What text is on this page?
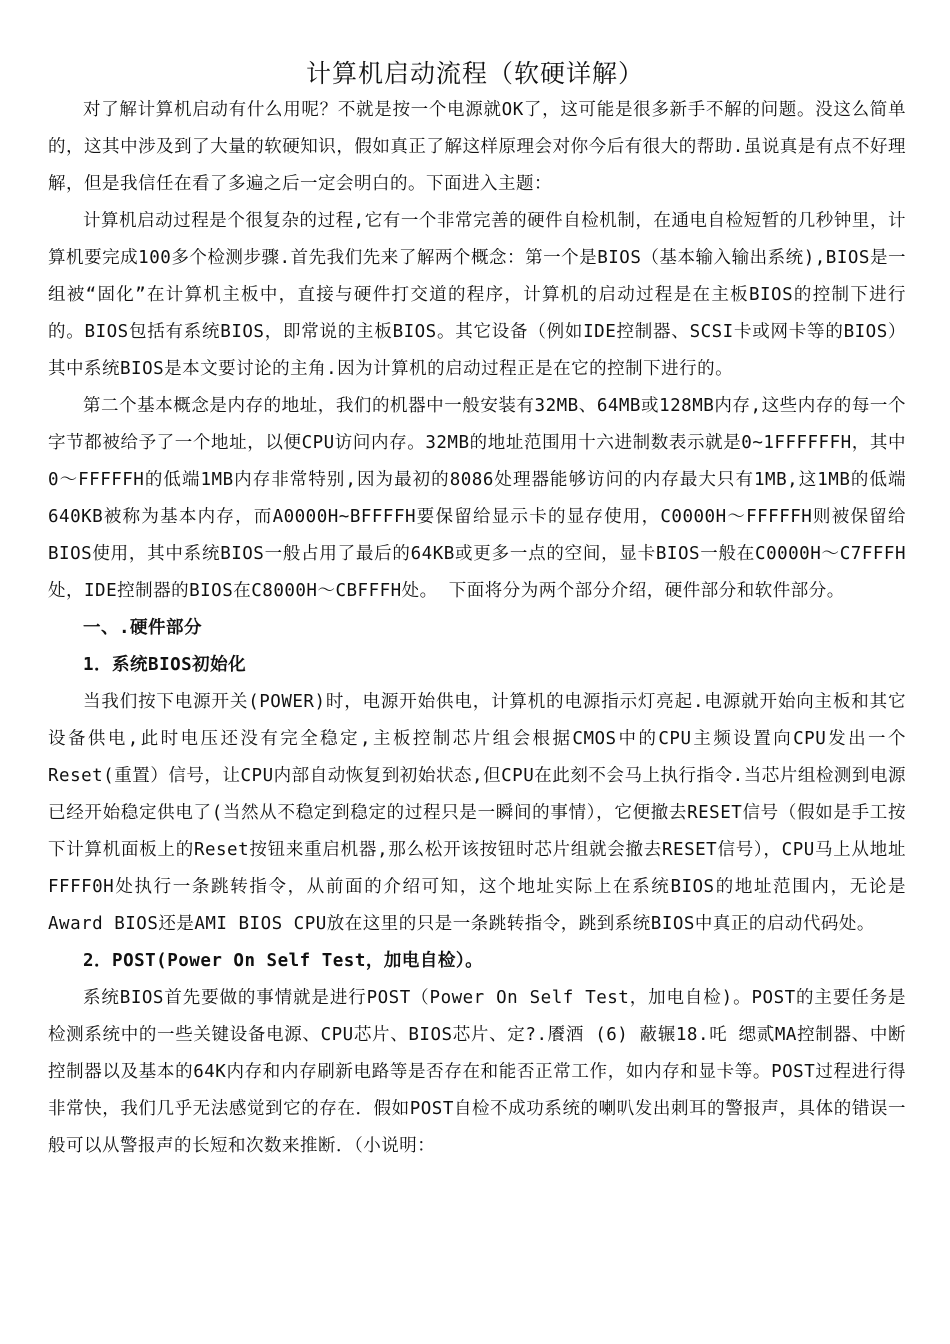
计算机启动流程（软硬详解）

对了解计算机启动有什么用呢？不就是按一个电源就OK了，这可能是很多新手不解的问题。没这么简单的，这其中涉及到了大量的软硬知识，假如真正了解这样原理会对你今后有很大的帮助.虽说真是有点不好理解，但是我信任在看了多遍之后一定会明白的。下面进入主题：

计算机启动过程是个很复杂的过程,它有一个非常完善的硬件自检机制，在通电自检短暂的几秒钟里，计算机要完成100多个检测步骤.首先我们先来了解两个概念：第一个是BIOS（基本输入输出系统),BIOS是一组被“固化”在计算机主板中，直接与硬件打交道的程序，计算机的启动过程是在主板BIOS的控制下进行的。BIOS包括有系统BIOS，即常说的主板BIOS。其它设备（例如IDE控制器、SCSI卡或网卡等的BIOS）其中系统BIOS是本文要讨论的主角.因为计算机的启动过程正是在它的控制下进行的。

第二个基本概念是内存的地址，我们的机器中一般安装有32MB、64MB或128MB内存,这些内存的每一个字节都被给予了一个地址，以便CPU访问内存。32MB的地址范围用十六进制数表示就是0~1FFFFFFH，其中0～FFFFFH的低端1MB内存非常特别,因为最初的8086处理器能够访问的内存最大只有1MB,这1MB的低端640KB被称为基本内存，而A0000H~BFFFFH要保留给显示卡的显存使用，C0000H～FFFFFH则被保留给BIOS使用，其中系统BIOS一般占用了最后的64KB或更多一点的空间，显卡BIOS一般在C0000H～C7FFFH处，IDE控制器的BIOS在C8000H～CBFFFH处。 下面将分为两个部分介绍，硬件部分和软件部分。

一、.硬件部分

1．系统BIOS初始化

当我们按下电源开关(POWER)时，电源开始供电，计算机的电源指示灯亮起.电源就开始向主板和其它设备供电,此时电压还没有完全稳定,主板控制芯片组会根据CMOS中的CPU主频设置向CPU发出一个Reset(重置）信号，让CPU内部自动恢复到初始状态,但CPU在此刻不会马上执行指令.当芯片组检测到电源已经开始稳定供电了(当然从不稳定到稳定的过程只是一瞬间的事情），它便撤去RESET信号（假如是手工按下计算机面板上的Reset按钮来重启机器,那么松开该按钮时芯片组就会撤去RESET信号），CPU马上从地址FFFF0H处执行一条跳转指令，从前面的介绍可知，这个地址实际上在系统BIOS的地址范围内，无论是Award BIOS还是AMI BIOS CPU放在这里的只是一条跳转指令，跳到系统BIOS中真正的启动代码处。

2．POST(Power On Self Test，加电自检）。

系统BIOS首先要做的事情就是进行POST（Power On Self Test，加电自检)。POST的主要任务是检测系统中的一些关键设备电源、CPU芯片、BIOS芯片、定?.餍酒 (6) 蔽辗18.吒 缌贰MA控制器、中断控制器以及基本的64K内存和内存刷新电路等是否存在和能否正常工作，如内存和显卡等。POST过程进行得非常快，我们几乎无法感觉到它的存在．假如POST自检不成功系统的喇叭发出刺耳的警报声，具体的错误一般可以从警报声的长短和次数来推断．（小说明：
